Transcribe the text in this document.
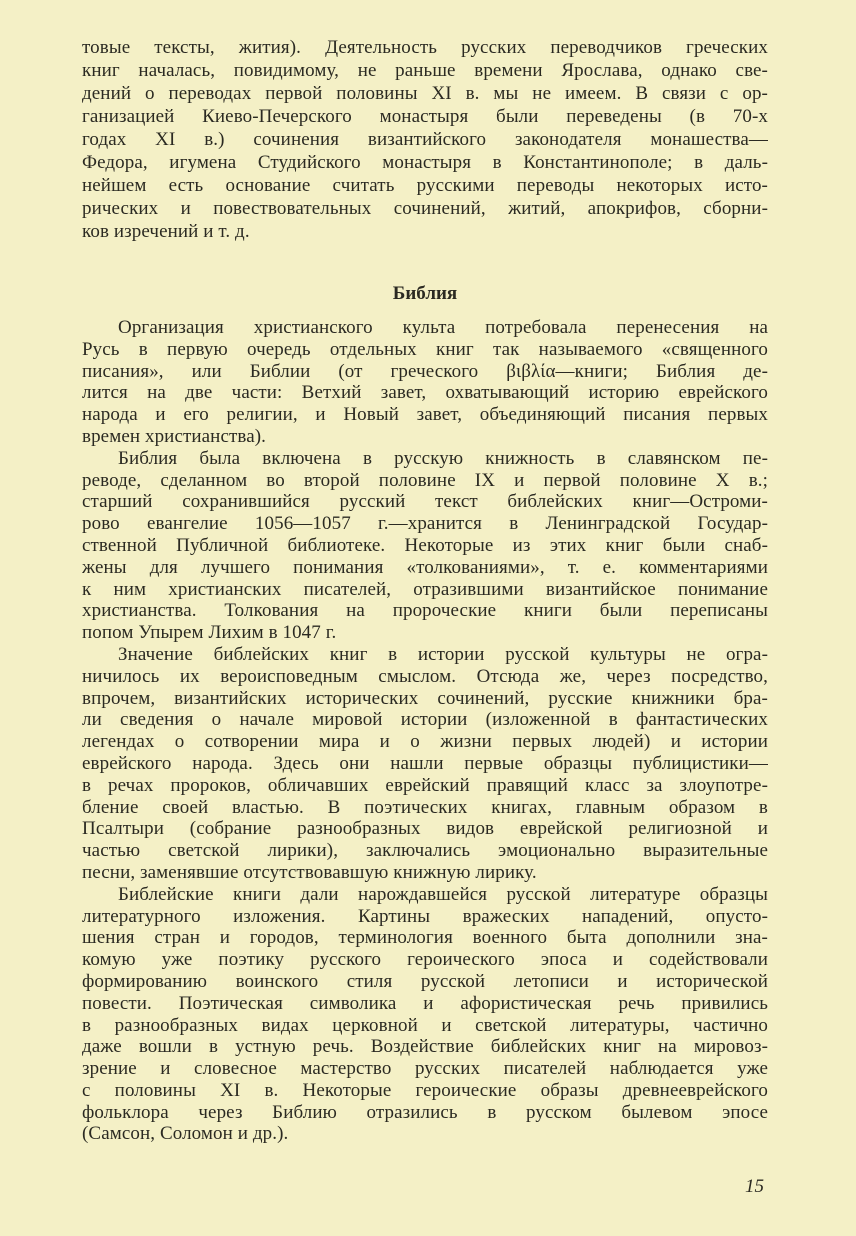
товые тексты, жития). Деятельность русских переводчиков греческих
книг началась, повидимому, не раньше времени Ярослава, однако све-
дений о переводах первой половины XI в. мы не имеем. В связи с ор-
ганизацией Киево-Печерского монастыря были переведены (в 70-х
годах XI в.) сочинения византийского законодателя монашества—
Федора, игумена Студийского монастыря в Константинополе; в даль-
нейшем есть основание считать русскими переводы некоторых исто-
рических и повествовательных сочинений, житий, апокрифов, сборни-
ков изречений и т. д.
Библия
Организация христианского культа потребовала перенесения на
Русь в первую очередь отдельных книг так называемого «священного
писания», или Библии (от греческого βιβλία—книги; Библия де-
лится на две части: Ветхий завет, охватывающий историю еврейского
народа и его религии, и Новый завет, объединяющий писания первых
времен христианства).
Библия была включена в русскую книжность в славянском пе-
реводе, сделанном во второй половине IX и первой половине X в.;
старший сохранившийся русский текст библейских книг—Остроми-
рово евангелие 1056—1057 г.—хранится в Ленинградской Государ-
ственной Публичной библиотеке. Некоторые из этих книг были снаб-
жены для лучшего понимания «толкованиями», т. е. комментариями
к ним христианских писателей, отразившими византийское понимание
христианства. Толкования на пророческие книги были переписаны
попом Упырем Лихим в 1047 г.
Значение библейских книг в истории русской культуры не огра-
ничилось их вероисповедным смыслом. Отсюда же, через посредство,
впрочем, византийских исторических сочинений, русские книжники бра-
ли сведения о начале мировой истории (изложенной в фантастических
легендах о сотворении мира и о жизни первых людей) и истории
еврейского народа. Здесь они нашли первые образцы публицистики—
в речах пророков, обличавших еврейский правящий класс за злоупотре-
бление своей властью. В поэтических книгах, главным образом в
Псалтыри (собрание разнообразных видов еврейской религиозной и
частью светской лирики), заключались эмоционально выразительные
песни, заменявшие отсутствовавшую книжную лирику.
Библейские книги дали нарождавшейся русской литературе образцы
литературного изложения. Картины вражеских нападений, опусто-
шения стран и городов, терминология военного быта дополнили зна-
комую уже поэтику русского героического эпоса и содействовали
формированию воинского стиля русской летописи и исторической
повести. Поэтическая символика и афористическая речь привились
в разнообразных видах церковной и светской литературы, частично
даже вошли в устную речь. Воздействие библейских книг на мировоз-
зрение и словесное мастерство русских писателей наблюдается уже
с половины XI в. Некоторые героические образы древнееврейского
фольклора через Библию отразились в русском былевом эпосе
(Самсон, Соломон и др.).
15
